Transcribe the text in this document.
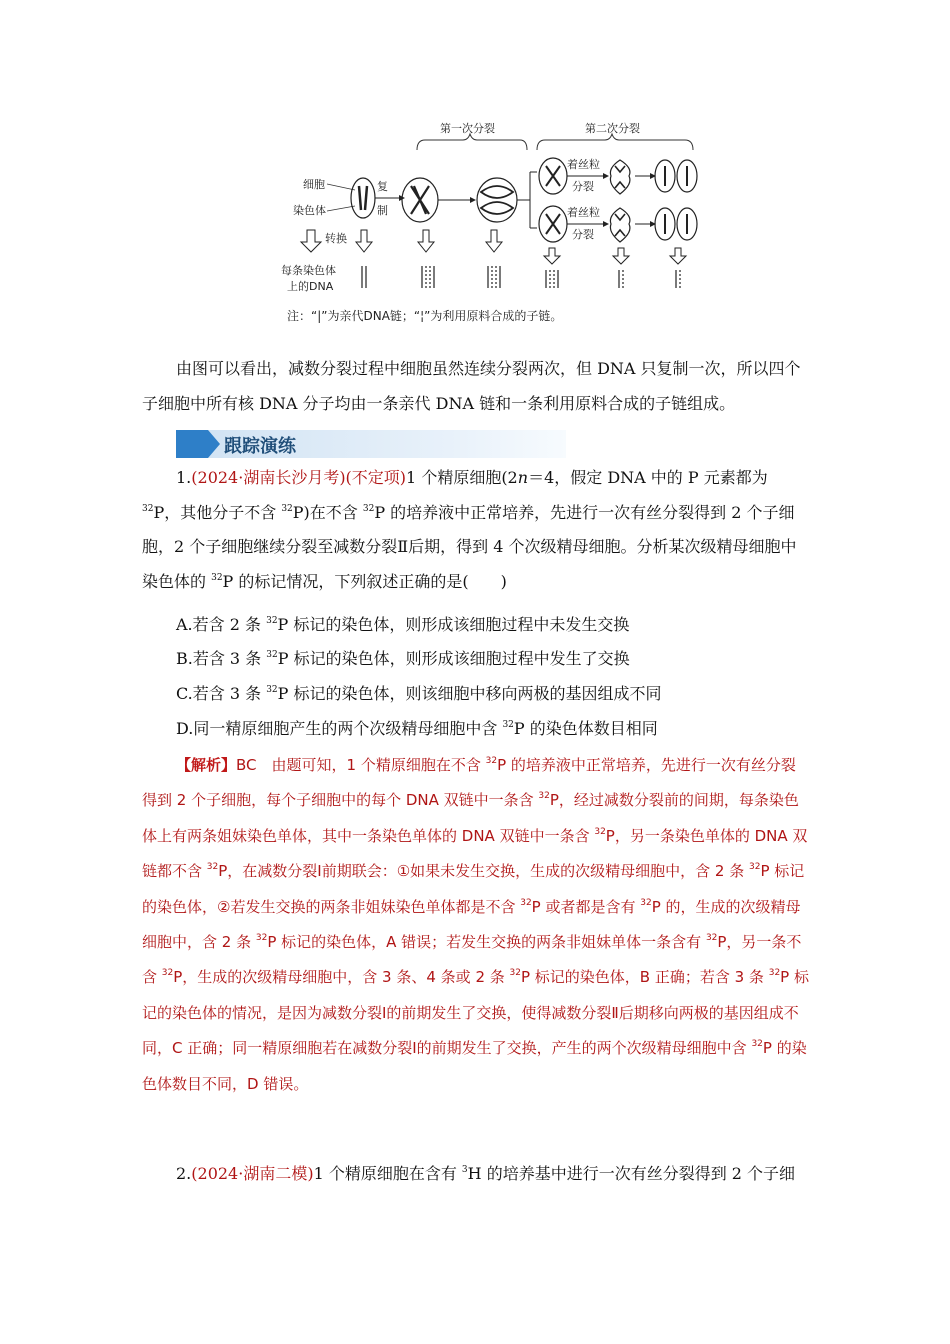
第一次分裂	第二次分裂
细胞
染色体
复
制
着丝粒
分裂
着丝粒
分裂
转换
每条染色体
上的DNA
注：“|”为亲代DNA链；“¦”为利用原料合成的子链。
由图可以看出，减数分裂过程中细胞虽然连续分裂两次，但 DNA 只复制一次，所以四个子细胞中所有核 DNA 分子均由一条亲代 DNA 链和一条利用原料合成的子链组成。
跟踪演练
1.(2024·湖南长沙月考)(不定项)1 个精原细胞(2n＝4，假定 DNA 中的 P 元素都为 $^{32}$P，其他分子不含 $^{32}$P)在不含 $^{32}$P 的培养液中正常培养，先进行一次有丝分裂得到 2 个子细胞，2 个子细胞继续分裂至减数分裂Ⅱ后期，得到 4 个次级精母细胞。分析某次级精母细胞中染色体的 $^{32}$P 的标记情况，下列叙述正确的是(　　)
A.若含 2 条 $^{32}$P 标记的染色体，则形成该细胞过程中未发生交换
B.若含 3 条 $^{32}$P 标记的染色体，则形成该细胞过程中发生了交换
C.若含 3 条 $^{32}$P 标记的染色体，则该细胞中移向两极的基因组成不同
D.同一精原细胞产生的两个次级精母细胞中含 $^{32}$P 的染色体数目相同
【解析】BC　由题可知，1 个精原细胞在不含 $^{32}$P 的培养液中正常培养，先进行一次有丝分裂得到 2 个子细胞，每个子细胞中的每个 DNA 双链中一条含 $^{32}$P，经过减数分裂前的间期，每条染色体上有两条姐妹染色单体，其中一条染色单体的 DNA 双链中一条含 $^{32}$P，另一条染色单体的 DNA 双链都不含 $^{32}$P，在减数分裂Ⅰ前期联会：①如果未发生交换，生成的次级精母细胞中，含 2 条 $^{32}$P 标记的染色体，②若发生交换的两条非姐妹染色单体都是不含 $^{32}$P 或者都是含有 $^{32}$P 的，生成的次级精母细胞中，含 2 条 $^{32}$P 标记的染色体，A 错误；若发生交换的两条非姐妹单体一条含有 $^{32}$P，另一条不含 $^{32}$P，生成的次级精母细胞中，含 3 条、4 条或 2 条 $^{32}$P 标记的染色体，B 正确；若含 3 条 $^{32}$P 标记的染色体的情况，是因为减数分裂Ⅰ的前期发生了交换，使得减数分裂Ⅱ后期移向两极的基因组成不同，C 正确；同一精原细胞若在减数分裂Ⅰ的前期发生了交换，产生的两个次级精母细胞中含 $^{32}$P 的染色体数目不同，D 错误。
2.(2024·湖南二模)1 个精原细胞在含有 $^3$H 的培养基中进行一次有丝分裂得到 2 个子细
